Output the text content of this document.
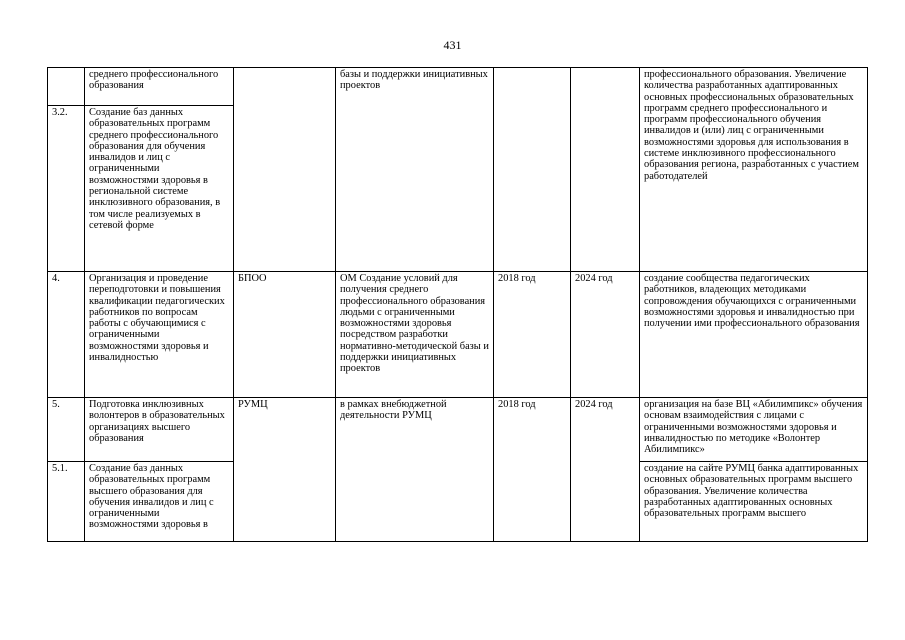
431
	среднего профессионального образования		базы и поддержки инициативных проектов			профессионального образования. Увеличение количества разработанных адаптированных основных профессиональных образовательных программ среднего профессионального и программ профессионального обучения инвалидов и (или) лиц с ограниченными возможностями здоровья для использования в системе инклюзивного профессионального образования региона, разработанных с участием работодателей
3.2.	Создание баз данных образовательных программ среднего профессионального образования для обучения инвалидов и лиц с ограниченными возможностями здоровья в региональной системе инклюзивного образования, в том числе реализуемых в сетевой форме					
4.	Организация и проведение переподготовки и повышения квалификации педагогических работников по вопросам работы с обучающимися с ограниченными возможностями здоровья и инвалидностью	БПОО	ОМ Создание условий для получения среднего профессионального образования людьми с ограниченными возможностями здоровья посредством разработки нормативно-методической базы и поддержки инициативных проектов	2018 год	2024 год	создание сообщества педагогических работников, владеющих методиками сопровождения обучающихся с ограниченными возможностями здоровья и инвалидностью при получении ими профессионального образования
5.	Подготовка инклюзивных волонтеров в образовательных организациях высшего образования	РУМЦ	в рамках внебюджетной деятельности РУМЦ	2018 год	2024 год	организация на базе ВЦ «Абилимпикс» обучения основам взаимодействия с лицами с ограниченными возможностями здоровья и инвалидностью по методике «Волонтер Абилимпикс»
5.1.	Создание баз данных образовательных программ высшего образования для обучения инвалидов и лиц с ограниченными возможностями здоровья в					создание на сайте РУМЦ банка адаптированных основных образовательных программ высшего образования. Увеличение количества разработанных адаптированных основных образовательных программ высшего
